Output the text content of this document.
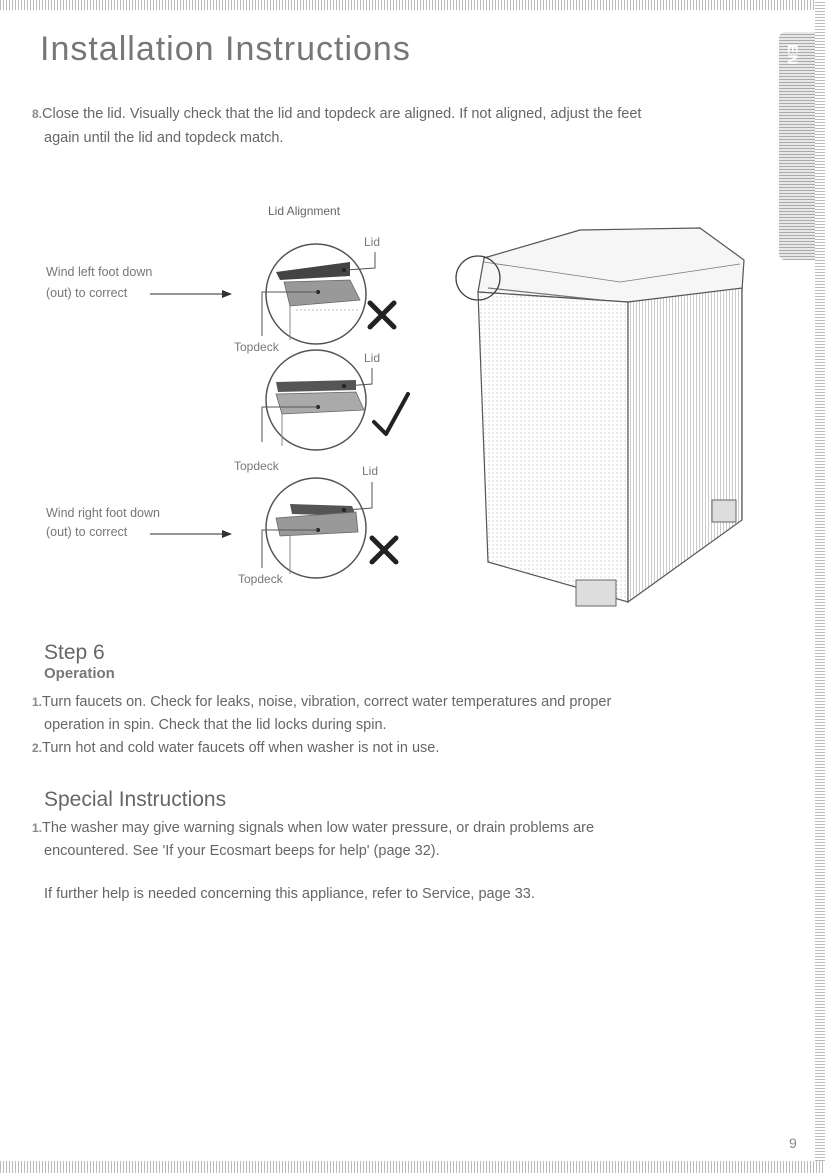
EN
Installation Instructions

8.Close the lid. Visually check that the lid and topdeck are aligned. If not aligned, adjust the feet

again until the lid and topdeck match.

Lid Alignment
Wind left foot down
(out) to correct
Wind right foot down
(out) to correct
Lid
Topdeck
Lid
Topdeck	Lid
Topdeck
Step 6
Operation

1.Turn faucets on. Check for leaks, noise, vibration, correct water temperatures and proper

operation in spin. Check that the lid locks during spin.

2.Turn hot and cold water faucets off when washer is not in use.

Special Instructions

1.The washer may give warning signals when low water pressure, or drain problems are

encountered. See 'If your Ecosmart beeps for help' (page 32).

If further help is needed concerning this appliance, refer to Service, page 33.

9
